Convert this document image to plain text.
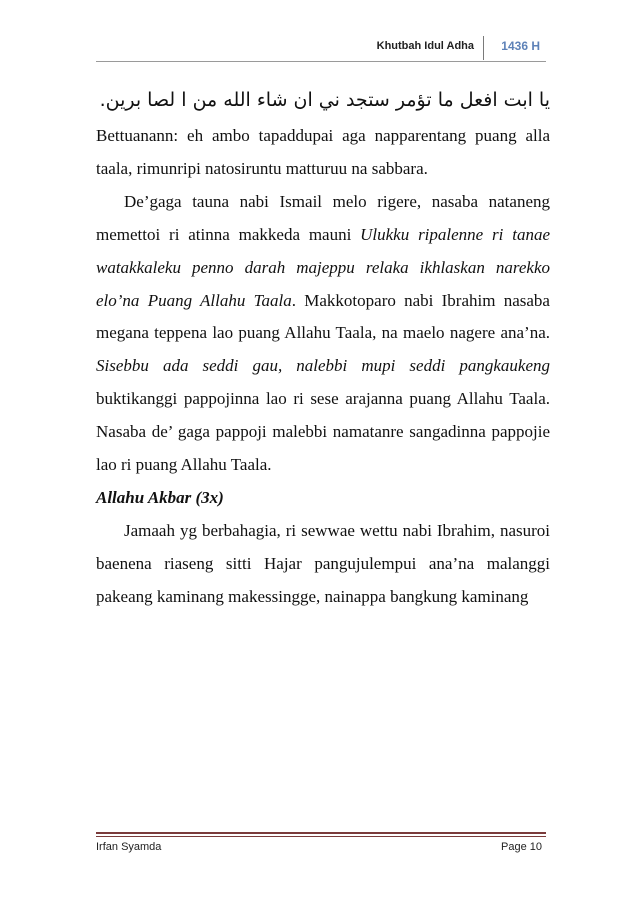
Khutbah Idul Adha 1436 H
يا ابت افعل ما تؤمر ستجد ني ان شاء الله من ا لصا برين.

Bettuanann: eh ambo tapaddupai aga napparentang puang alla taala, rimunripi natosiruntu matturuu na sabbara.

De’gaga tauna nabi Ismail melo rigere, nasaba nataneng memettoi ri atinna makkeda mauni Ulukku ripalenne ri tanae watakkaleku penno darah majeppu relaka ikhlaskan narekko elo’na Puang Allahu Taala. Makkotoparo nabi Ibrahim nasaba megana teppena lao puang Allahu Taala, na maelo nagere ana’na. Sisebbu ada seddi gau, nalebbi mupi seddi pangkaukeng buktikanggi pappojinna lao ri sese arajanna puang Allahu Taala. Nasaba de’ gaga pappoji malebbi namatanre sangadinna pappojie lao ri puang Allahu Taala.

Allahu Akbar (3x)

Jamaah yg berbahagia, ri sewwae wettu nabi Ibrahim, nasuroi baenena riaseng sitti Hajar pangujulempui ana’na malanggi pakeang kaminang makessingge, nainappa bangkung kaminang

Irfan Syamda	Page 10
